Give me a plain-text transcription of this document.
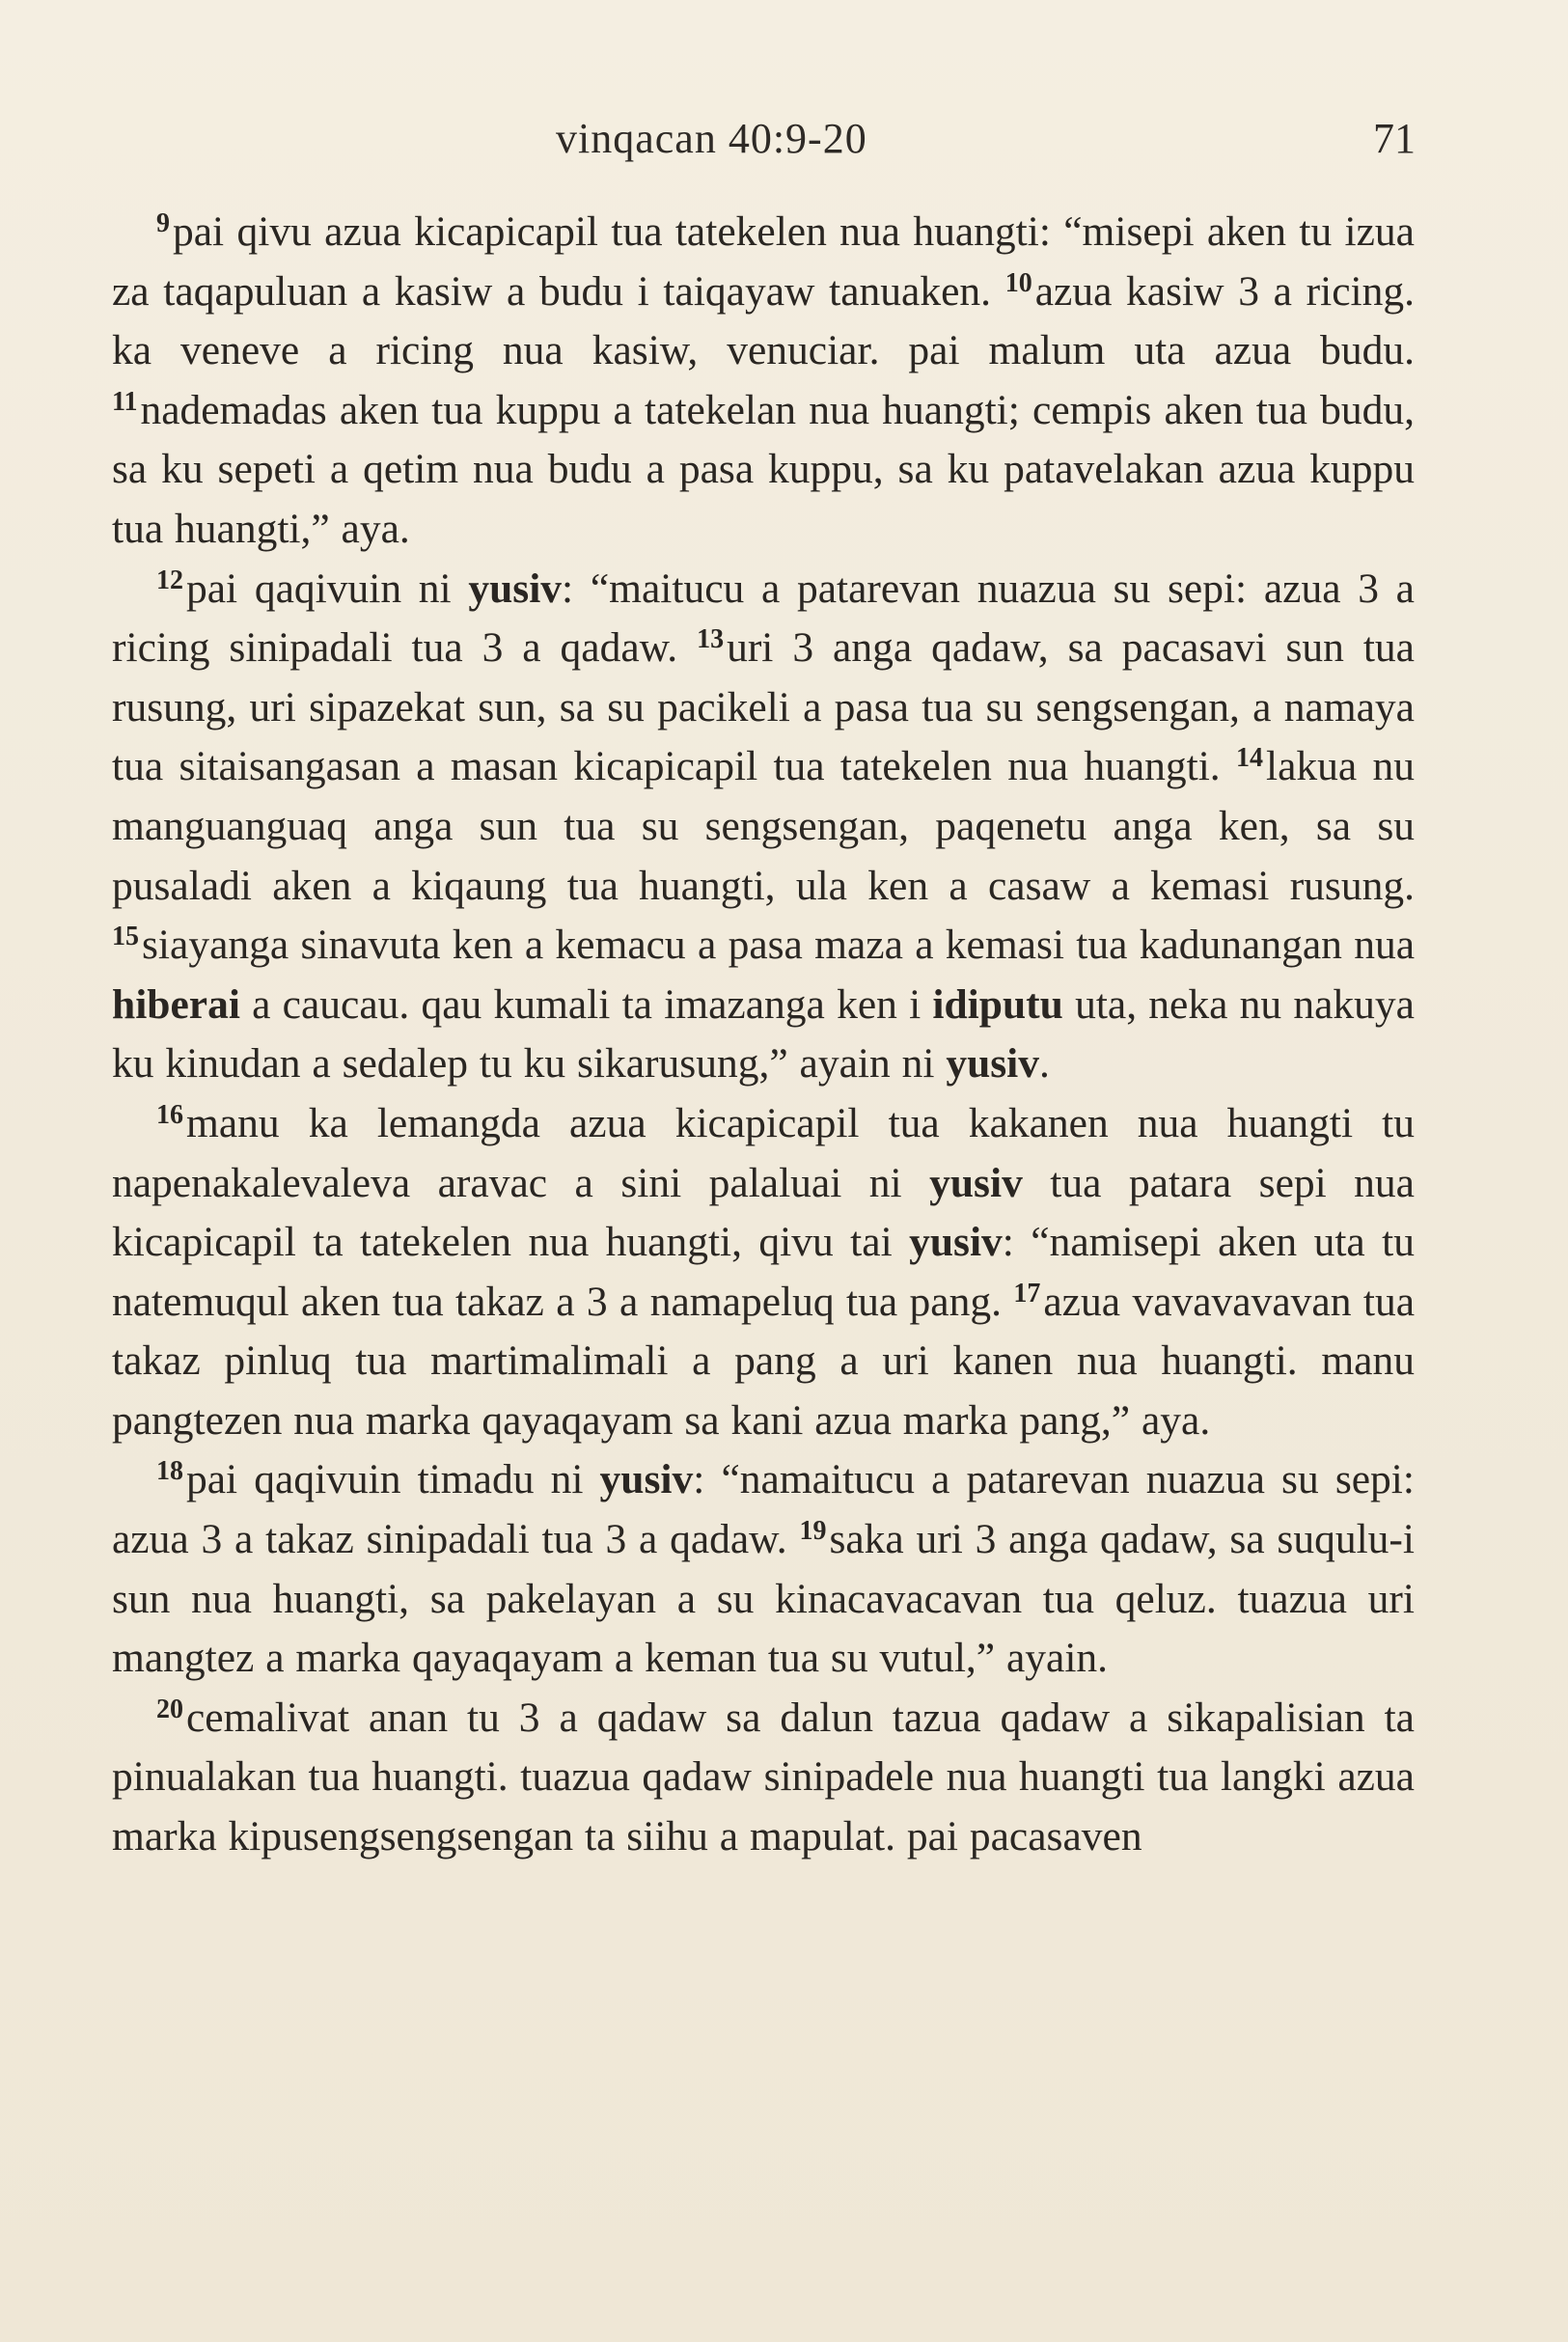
vinqacan 40:9-20	71

$^9$pai qivu azua kicapicapil tua tatekelen nua huangti: “misepi aken tu izua za taqapuluan a kasiw a budu i taiqayaw tanuaken. $^{10}$azua kasiw 3 a ricing. ka veneve a ricing nua kasiw, venuciar. pai malum uta azua budu. $^{11}$nademadas aken tua kuppu a tatekelan nua huangti; cempis aken tua budu, sa ku sepeti a qetim nua budu a pasa kuppu, sa ku patavelakan azua kuppu tua huangti,” aya.

$^{12}$pai qaqivuin ni yusiv: “maitucu a patarevan nuazua su sepi: azua 3 a ricing sinipadali tua 3 a qadaw. $^{13}$uri 3 anga qadaw, sa pacasavi sun tua rusung, uri sipazekat sun, sa su pacikeli a pasa tua su sengsengan, a namaya tua sitaisangasan a masan kicapicapil tua tatekelen nua huangti. $^{14}$lakua nu manguanguaq anga sun tua su sengsengan, paqenetu anga ken, sa su pusaladi aken a kiqaung tua huangti, ula ken a casaw a kemasi rusung. $^{15}$siayanga sinavuta ken a kemacu a pasa maza a kemasi tua kadunangan nua hiberai a caucau. qau kumali ta imazanga ken i idiputu uta, neka nu nakuya ku kinudan a sedalep tu ku sikarusung,” ayain ni yusiv.

$^{16}$manu ka lemangda azua kicapicapil tua kakanen nua huangti tu napenakalevaleva aravac a sini palaluai ni yusiv tua patara sepi nua kicapicapil ta tatekelen nua huangti, qivu tai yusiv: “namisepi aken uta tu natemuqul aken tua takaz a 3 a namapeluq tua pang. $^{17}$azua vavavavavan tua takaz pinluq tua martimalimali a pang a uri kanen nua huangti. manu pangtezen nua marka qayaqayam sa kani azua marka pang,” aya.

$^{18}$pai qaqivuin timadu ni yusiv: “namaitucu a patarevan nuazua su sepi: azua 3 a takaz sinipadali tua 3 a qadaw. $^{19}$saka uri 3 anga qadaw, sa suqulu-i sun nua huangti, sa pakelayan a su kinacavacavan tua qeluz. tuazua uri mangtez a marka qayaqayam a keman tua su vutul,” ayain.

$^{20}$cemalivat anan tu 3 a qadaw sa dalun tazua qadaw a sikapalisian ta pinualakan tua huangti. tuazua qadaw sinipadele nua huangti tua langki azua marka kipusengsengsengan ta siihu a mapulat. pai pacasaven
